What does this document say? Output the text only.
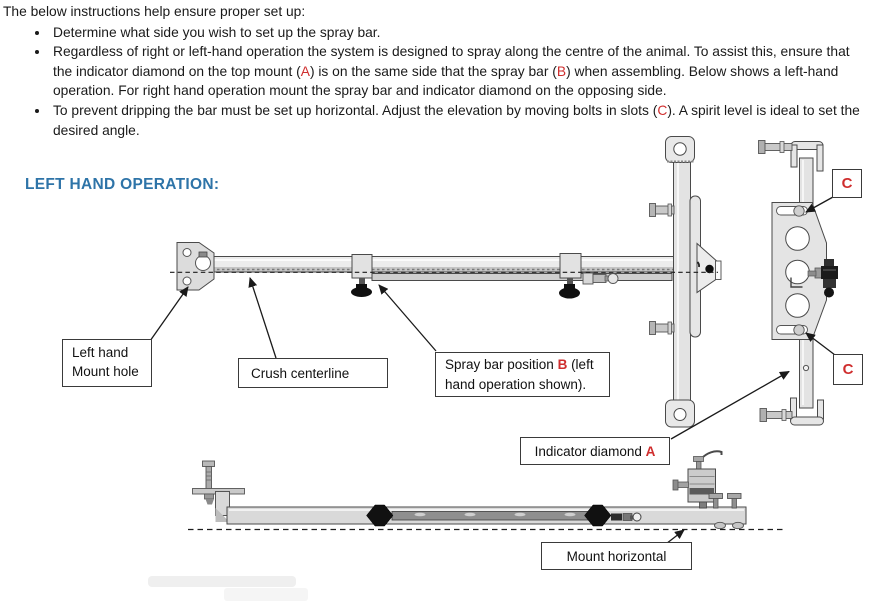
The below instructions help ensure proper set up:

• Determine what side you wish to set up the spray bar.
• Regardless of right or left-hand operation the system is designed to spray along the centre of the animal. To assist this, ensure that the indicator diamond on the top mount (A) is on the same side that the spray bar (B) when assembling. Below shows a left-hand operation. For right hand operation mount the spray bar and indicator diamond on the opposing side.
• To prevent dripping the bar must be set up horizontal. Adjust the elevation by moving bolts in slots (C). A spirit level is ideal to set the desired angle.
LEFT HAND OPERATION:
Left hand
Mount hole	Crush centerline
Spray bar position B (left hand operation shown).
Indicator diamond A
Mount horizontal
C
C
